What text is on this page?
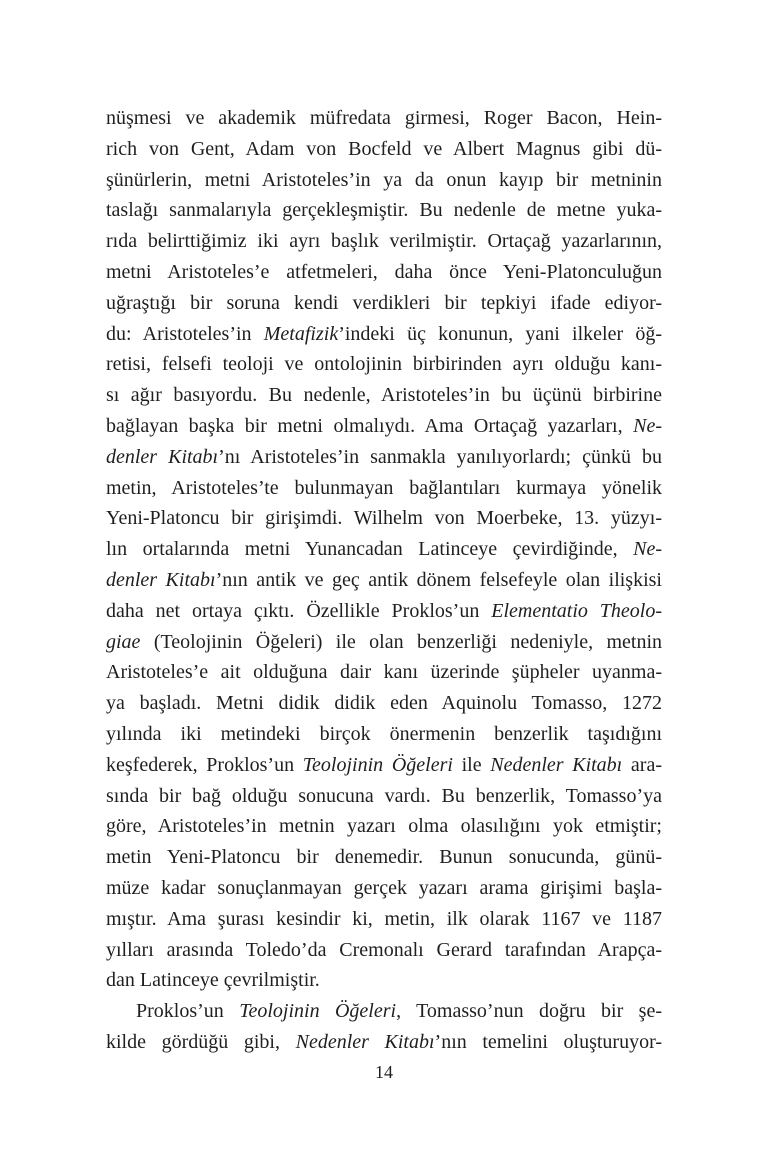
nüşmesi ve akademik müfredata girmesi, Roger Bacon, Hein-
rich von Gent, Adam von Bocfeld ve Albert Magnus gibi dü-
şünürlerin, metni Aristoteles’in ya da onun kayıp bir metninin
taslağı sanmalarıyla gerçekleşmiştir. Bu nedenle de metne yuka-
rıda belirttiğimiz iki ayrı başlık verilmiştir. Ortaçağ yazarlarının,
metni Aristoteles’e atfetmeleri, daha önce Yeni-Platonculuğun
uğraştığı bir soruna kendi verdikleri bir tepkiyi ifade ediyor-
du: Aristoteles’in Metafizik’indeki üç konunun, yani ilkeler öğ-
retisi, felsefi teoloji ve ontolojinin birbirinden ayrı olduğu kanı-
sı ağır basıyordu. Bu nedenle, Aristoteles’in bu üçünü birbirine
bağlayan başka bir metni olmalıydı. Ama Ortaçağ yazarları, Ne-
denler Kitabı’nı Aristoteles’in sanmakla yanılıyorlardı; çünkü bu
metin, Aristoteles’te bulunmayan bağlantıları kurmaya yönelik
Yeni-Platoncu bir girişimdi. Wilhelm von Moerbeke, 13. yüzyı-
lın ortalarında metni Yunancadan Latinceye çevirdiğinde, Ne-
denler Kitabı’nın antik ve geç antik dönem felsefeyle olan ilişkisi
daha net ortaya çıktı. Özellikle Proklos’un Elementatio Theolo-
giae (Teolojinin Öğeleri) ile olan benzerliği nedeniyle, metnin
Aristoteles’e ait olduğuna dair kanı üzerinde şüpheler uyanma-
ya başladı. Metni didik didik eden Aquinolu Tomasso, 1272
yılında iki metindeki birçok önermenin benzerlik taşıdığını
keşfederek, Proklos’un Teolojinin Öğeleri ile Nedenler Kitabı ara-
sında bir bağ olduğu sonucuna vardı. Bu benzerlik, Tomasso’ya
göre, Aristoteles’in metnin yazarı olma olasılığını yok etmiştir;
metin Yeni-Platoncu bir denemedir. Bunun sonucunda, günü-
müze kadar sonuçlanmayan gerçek yazarı arama girişimi başla-
mıştır. Ama şurası kesindir ki, metin, ilk olarak 1167 ve 1187
yılları arasında Toledo’da Cremonalı Gerard tarafından Arapça-
dan Latinceye çevrilmiştir.

Proklos’un Teolojinin Öğeleri, Tomasso’nun doğru bir şe-
kilde gördüğü gibi, Nedenler Kitabı’nın temelini oluşturuyor-

14
